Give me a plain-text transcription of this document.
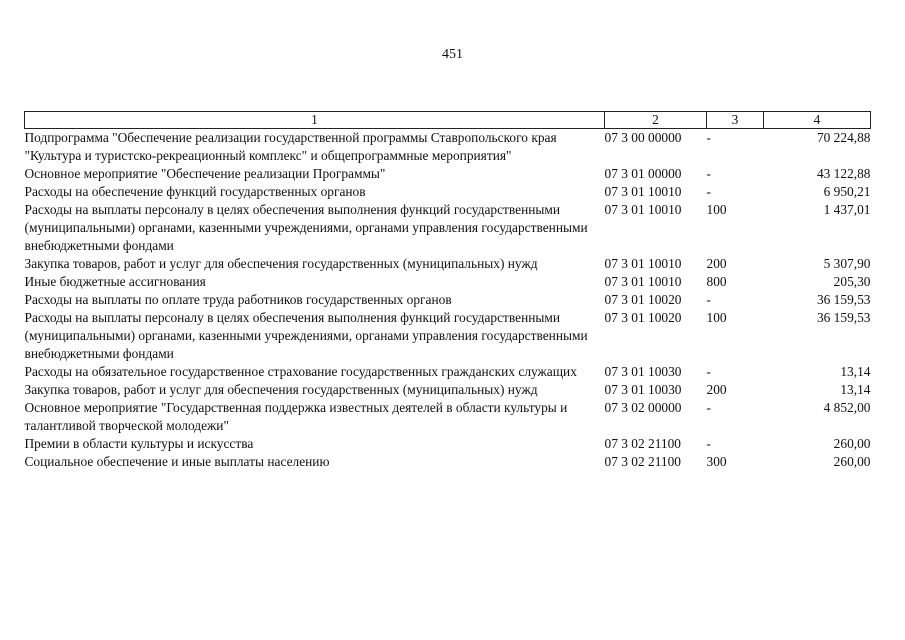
451
1	2	3	4
Подпрограмма "Обеспечение реализации государственной программы Ставропольского края "Культура и туристско-рекреационный комплекс" и общепрограммные мероприятия"	07 3 00 00000	-	70 224,88
Основное мероприятие "Обеспечение реализации Программы"	07 3 01 00000	-	43 122,88
Расходы на обеспечение функций государственных органов	07 3 01 10010	-	6 950,21
Расходы на выплаты персоналу в целях обеспечения выполнения функций государственными (муниципальными) органами, казенными учреждениями, органами управления государственными внебюджетными фондами	07 3 01 10010	100	1 437,01
Закупка товаров, работ и услуг для обеспечения государственных (муниципальных) нужд	07 3 01 10010	200	5 307,90
Иные бюджетные ассигнования	07 3 01 10010	800	205,30
Расходы на выплаты по оплате труда работников государственных органов	07 3 01 10020	-	36 159,53
Расходы на выплаты персоналу в целях обеспечения выполнения функций государственными (муниципальными) органами, казенными учреждениями, органами управления государственными внебюджетными фондами	07 3 01 10020	100	36 159,53
Расходы на обязательное государственное страхование государственных гражданских служащих	07 3 01 10030	-	13,14
Закупка товаров, работ и услуг для обеспечения государственных (муниципальных) нужд	07 3 01 10030	200	13,14
Основное мероприятие "Государственная поддержка известных деятелей в области культуры и талантливой творческой молодежи"	07 3 02 00000	-	4 852,00
Премии в области культуры и искусства	07 3 02 21100	-	260,00
Социальное обеспечение и иные выплаты населению	07 3 02 21100	300	260,00
